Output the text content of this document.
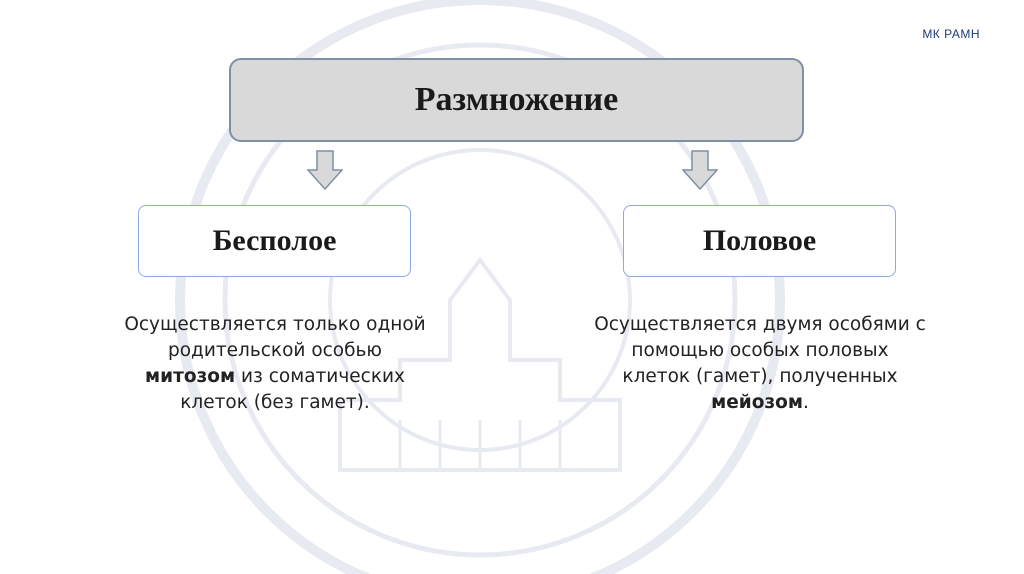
МК РАМН
Размножение
Бесполое	Половое
Осуществляется только одной
родительской особью
митозом из соматических
клеток (без гамет).
Осуществляется двумя особями с
помощью особых половых
клеток (гамет), полученных
мейозом.
